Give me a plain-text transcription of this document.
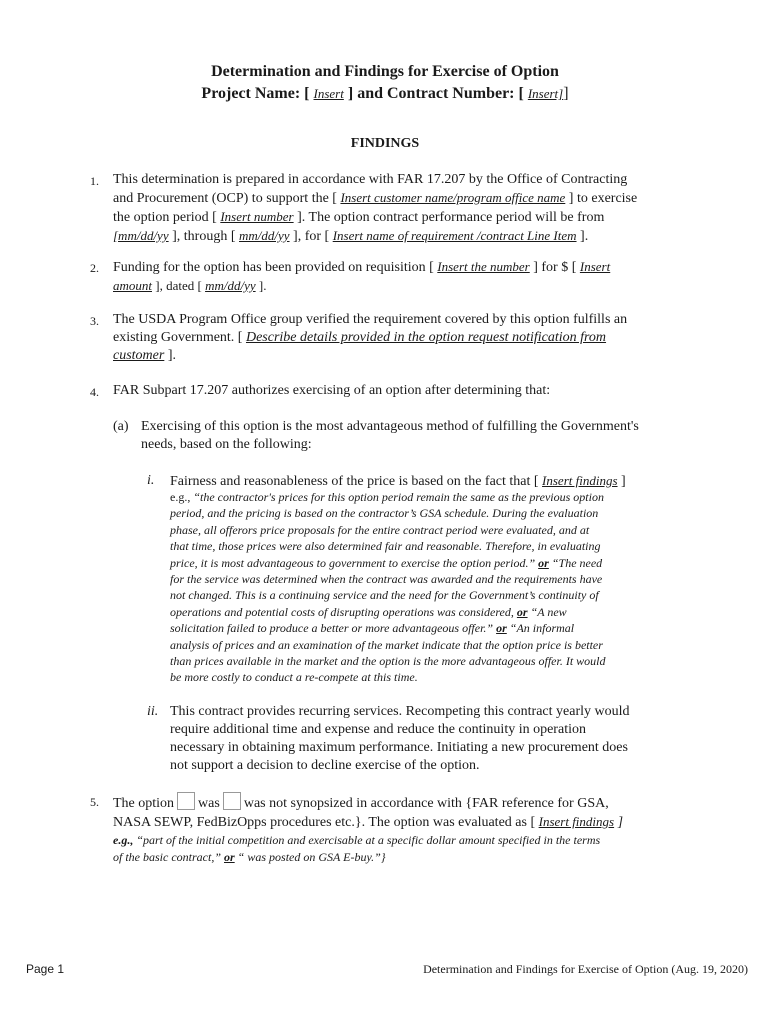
Determination and Findings for Exercise of Option
Project Name: [ Insert ] and Contract Number: [ Insert]]
FINDINGS
1. This determination is prepared in accordance with FAR 17.207 by the Office of Contracting
and Procurement (OCP) to support the [ Insert customer name/program office name ] to exercise
the option period [ Insert number ]. The option contract performance period will be from
[mm/dd/yy ], through [ mm/dd/yy ], for [ Insert name of requirement /contract Line Item ].
2. Funding for the option has been provided on requisition [ Insert the number ] for $ [ Insert
amount ], dated [ mm/dd/yy ].
3. The USDA Program Office group verified the requirement covered by this option fulfills an
existing Government. [ Describe details provided in the option request notification from
customer ].
4. FAR Subpart 17.207 authorizes exercising of an option after determining that:
(a) Exercising of this option is the most advantageous method of fulfilling the Government's
needs, based on the following:
i. Fairness and reasonableness of the price is based on the fact that [ Insert findings ]
e.g., “the contractor's prices for this option period remain the same as the previous option
period, and the pricing is based on the contractor’s GSA schedule. During the evaluation
phase, all offerors price proposals for the entire contract period were evaluated, and at
that time, those prices were also determined fair and reasonable. Therefore, in evaluating
price, it is most advantageous to government to exercise the option period.” or “The need
for the service was determined when the contract was awarded and the requirements have
not changed. This is a continuing service and the need for the Government’s continuity of
operations and potential costs of disrupting operations was considered, or “A new
solicitation failed to produce a better or more advantageous offer.” or “An informal
analysis of prices and an examination of the market indicate that the option price is better
than prices available in the market and the option is the more advantageous offer. It would
be more costly to conduct a re-compete at this time.
ii. This contract provides recurring services. Recompeting this contract yearly would
require additional time and expense and reduce the continuity in operation
necessary in obtaining maximum performance. Initiating a new procurement does
not support a decision to decline exercise of the option.
5. The option was was not synopsized in accordance with {FAR reference for GSA,
NASA SEWP, FedBizOpps procedures etc.}. The option was evaluated as [ Insert findings ]
e.g., “part of the initial competition and exercisable at a specific dollar amount specified in the terms
of the basic contract,” or “ was posted on GSA E-buy.”}
Page 1	Determination and Findings for Exercise of Option (Aug. 19, 2020)
